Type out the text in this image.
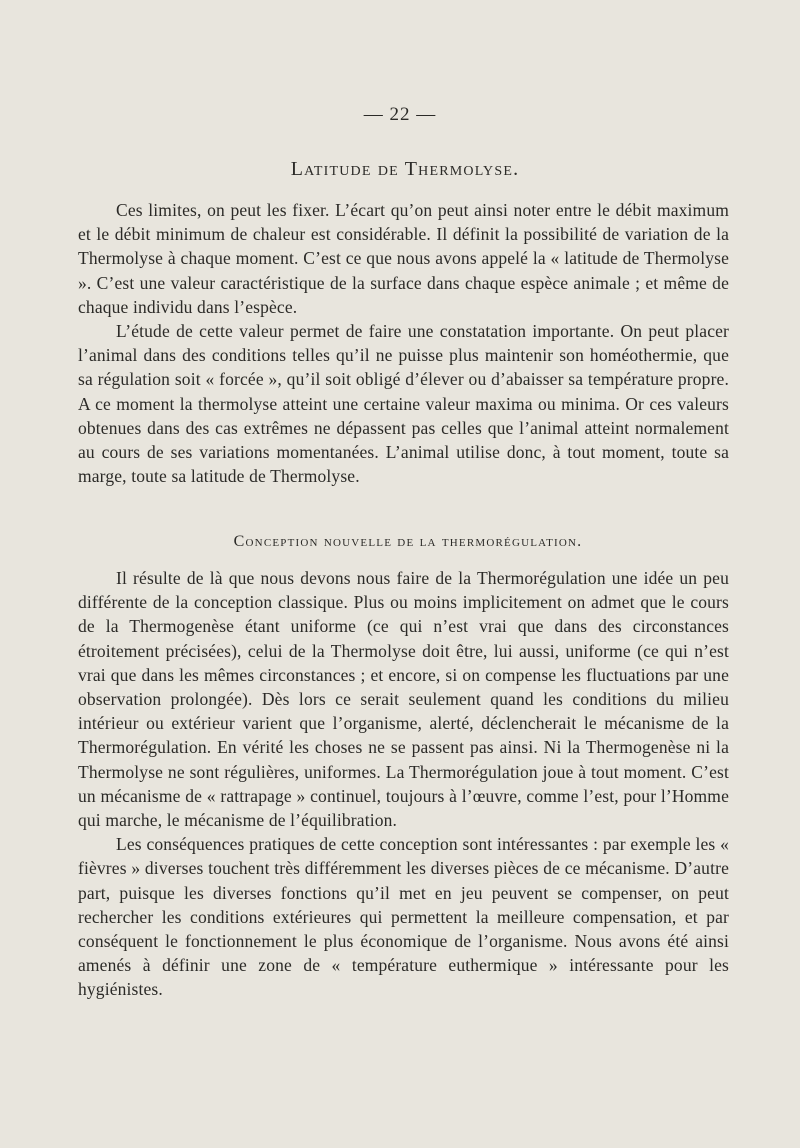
— 22 —
Latitude de Thermolyse.

Ces limites, on peut les fixer. L’écart qu’on peut ainsi noter entre le débit maximum et le débit minimum de chaleur est considérable. Il définit la possibilité de variation de la Thermolyse à chaque moment. C’est ce que nous avons appelé la « latitude de Thermolyse ». C’est une valeur caractéristique de la surface dans chaque espèce animale ; et même de chaque individu dans l’espèce.

L’étude de cette valeur permet de faire une constatation importante. On peut placer l’animal dans des conditions telles qu’il ne puisse plus maintenir son homéothermie, que sa régulation soit « forcée », qu’il soit obligé d’élever ou d’abaisser sa température propre. A ce moment la thermolyse atteint une certaine valeur maxima ou minima. Or ces valeurs obtenues dans des cas extrêmes ne dépassent pas celles que l’animal atteint normalement au cours de ses variations momentanées. L’animal utilise donc, à tout moment, toute sa marge, toute sa latitude de Thermolyse.

Conception nouvelle de la thermorégulation.

Il résulte de là que nous devons nous faire de la Thermorégulation une idée un peu différente de la conception classique. Plus ou moins implicitement on admet que le cours de la Thermogenèse étant uniforme (ce qui n’est vrai que dans des circonstances étroitement précisées), celui de la Thermolyse doit être, lui aussi, uniforme (ce qui n’est vrai que dans les mêmes circonstances ; et encore, si on compense les fluctuations par une observation prolongée). Dès lors ce serait seulement quand les conditions du milieu intérieur ou extérieur varient que l’organisme, alerté, déclencherait le mécanisme de la Thermorégulation. En vérité les choses ne se passent pas ainsi. Ni la Thermogenèse ni la Thermolyse ne sont régulières, uniformes. La Thermorégulation joue à tout moment. C’est un mécanisme de « rattrapage » continuel, toujours à l’œuvre, comme l’est, pour l’Homme qui marche, le mécanisme de l’équilibration.

Les conséquences pratiques de cette conception sont intéressantes : par exemple les « fièvres » diverses touchent très différemment les diverses pièces de ce mécanisme. D’autre part, puisque les diverses fonctions qu’il met en jeu peuvent se compenser, on peut rechercher les conditions extérieures qui permettent la meilleure compensation, et par conséquent le fonctionnement le plus économique de l’organisme. Nous avons été ainsi amenés à définir une zone de « température euthermique » intéressante pour les hygiénistes.
